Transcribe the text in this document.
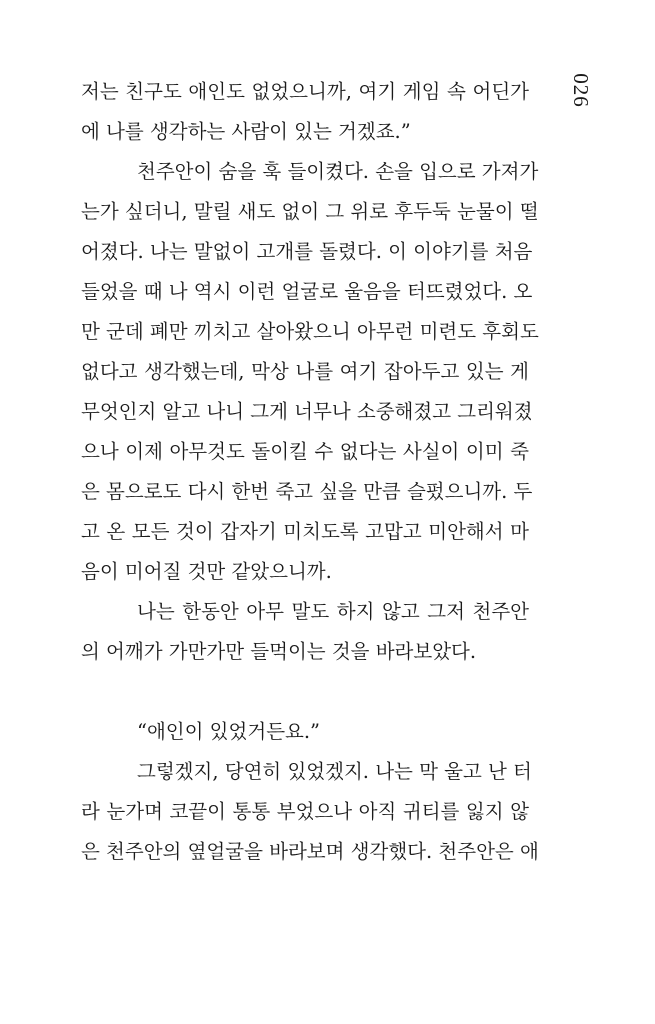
026
저는 친구도 애인도 없었으니까, 여기 게임 속 어딘가
에 나를 생각하는 사람이 있는 거겠죠.”
천주안이 숨을 훅 들이켰다. 손을 입으로 가져가
는가 싶더니, 말릴 새도 없이 그 위로 후두둑 눈물이 떨
어졌다. 나는 말없이 고개를 돌렸다. 이 이야기를 처음
들었을 때 나 역시 이런 얼굴로 울음을 터뜨렸었다. 오
만 군데 폐만 끼치고 살아왔으니 아무런 미련도 후회도
없다고 생각했는데, 막상 나를 여기 잡아두고 있는 게
무엇인지 알고 나니 그게 너무나 소중해졌고 그리워졌
으나 이제 아무것도 돌이킬 수 없다는 사실이 이미 죽
은 몸으로도 다시 한번 죽고 싶을 만큼 슬펐으니까. 두
고 온 모든 것이 갑자기 미치도록 고맙고 미안해서 마
음이 미어질 것만 같았으니까.
나는 한동안 아무 말도 하지 않고 그저 천주안
의 어깨가 가만가만 들먹이는 것을 바라보았다.
“애인이 있었거든요.”
그렇겠지, 당연히 있었겠지. 나는 막 울고 난 터
라 눈가며 코끝이 통통 부었으나 아직 귀티를 잃지 않
은 천주안의 옆얼굴을 바라보며 생각했다. 천주안은 애
